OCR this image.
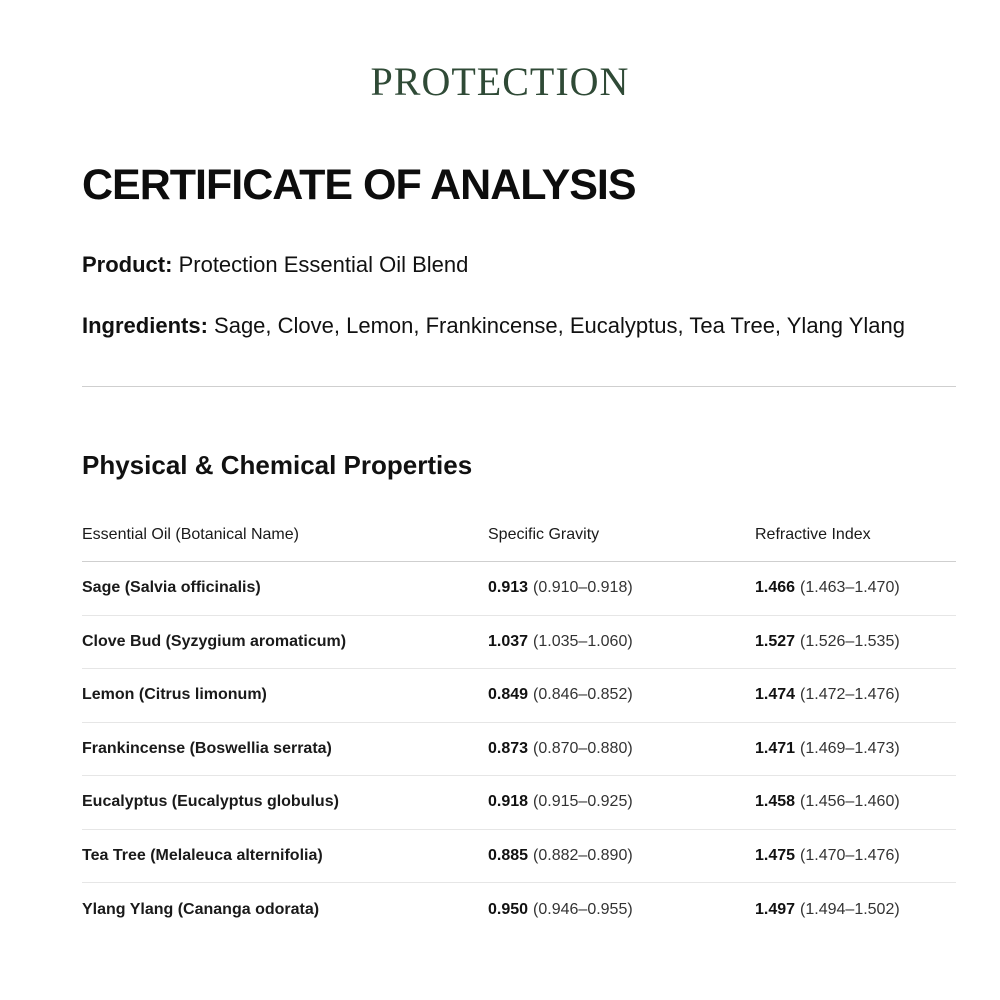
PROTECTION
CERTIFICATE OF ANALYSIS
Product: Protection Essential Oil Blend
Ingredients: Sage, Clove, Lemon, Frankincense, Eucalyptus, Tea Tree, Ylang Ylang
Physical & Chemical Properties
Essential Oil (Botanical Name)	Specific Gravity	Refractive Index
Sage (Salvia officinalis)	0.913 (0.910–0.918)	1.466 (1.463–1.470)
Clove Bud (Syzygium aromaticum)	1.037 (1.035–1.060)	1.527 (1.526–1.535)
Lemon (Citrus limonum)	0.849 (0.846–0.852)	1.474 (1.472–1.476)
Frankincense (Boswellia serrata)	0.873 (0.870–0.880)	1.471 (1.469–1.473)
Eucalyptus (Eucalyptus globulus)	0.918 (0.915–0.925)	1.458 (1.456–1.460)
Tea Tree (Melaleuca alternifolia)	0.885 (0.882–0.890)	1.475 (1.470–1.476)
Ylang Ylang (Cananga odorata)	0.950 (0.946–0.955)	1.497 (1.494–1.502)
